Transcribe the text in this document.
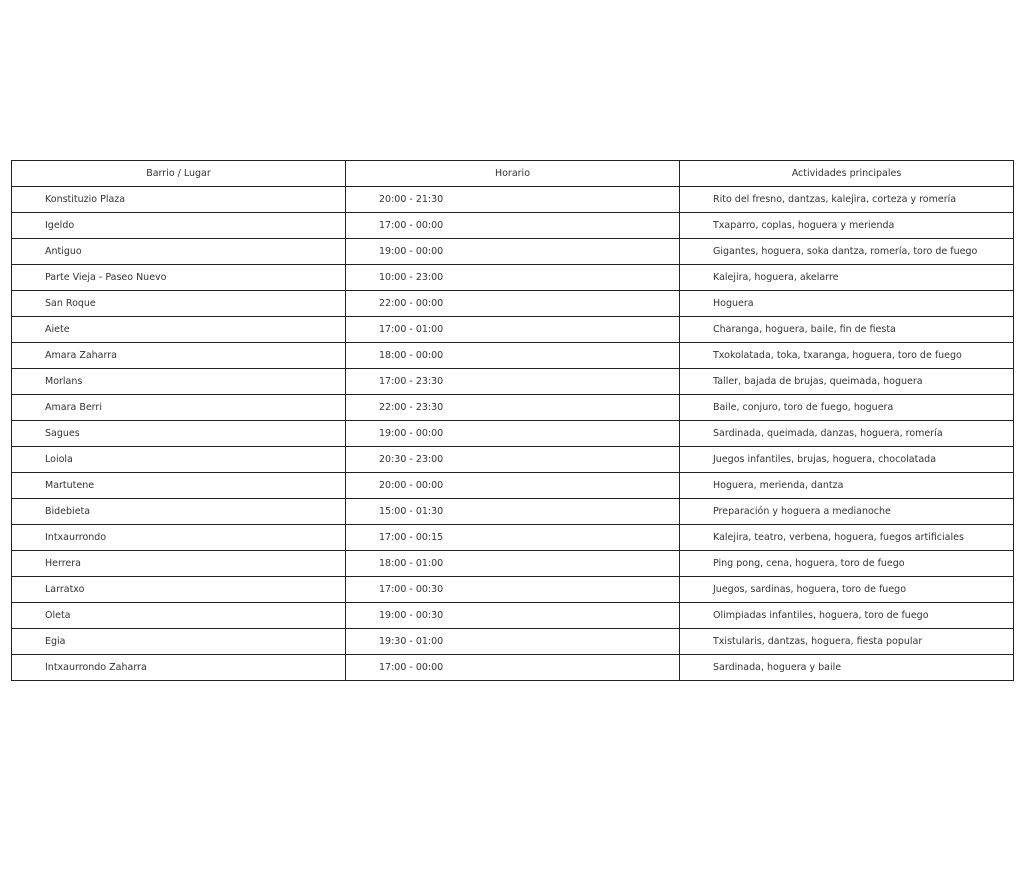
Barrio / Lugar	Horario	Actividades principales
Konstituzio Plaza	20:00 - 21:30	Rito del fresno, dantzas, kalejira, corteza y romería
Igeldo	17:00 - 00:00	Txaparro, coplas, hoguera y merienda
Antiguo	19:00 - 00:00	Gigantes, hoguera, soka dantza, romería, toro de fuego
Parte Vieja - Paseo Nuevo	10:00 - 23:00	Kalejira, hoguera, akelarre
San Roque	22:00 - 00:00	Hoguera
Aiete	17:00 - 01:00	Charanga, hoguera, baile, fin de fiesta
Amara Zaharra	18:00 - 00:00	Txokolatada, toka, txaranga, hoguera, toro de fuego
Morlans	17:00 - 23:30	Taller, bajada de brujas, queimada, hoguera
Amara Berri	22:00 - 23:30	Baile, conjuro, toro de fuego, hoguera
Sagues	19:00 - 00:00	Sardinada, queimada, danzas, hoguera, romería
Loiola	20:30 - 23:00	Juegos infantiles, brujas, hoguera, chocolatada
Martutene	20:00 - 00:00	Hoguera, merienda, dantza
Bidebieta	15:00 - 01:30	Preparación y hoguera a medianoche
Intxaurrondo	17:00 - 00:15	Kalejira, teatro, verbena, hoguera, fuegos artificiales
Herrera	18:00 - 01:00	Ping pong, cena, hoguera, toro de fuego
Larratxo	17:00 - 00:30	Juegos, sardinas, hoguera, toro de fuego
Oleta	19:00 - 00:30	Olimpiadas infantiles, hoguera, toro de fuego
Egia	19:30 - 01:00	Txistularis, dantzas, hoguera, fiesta popular
Intxaurrondo Zaharra	17:00 - 00:00	Sardinada, hoguera y baile
